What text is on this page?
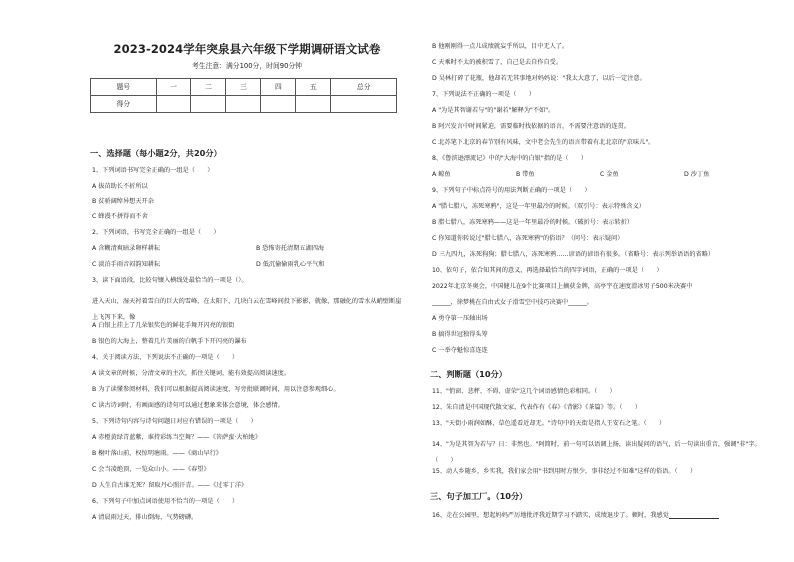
2023-2024学年突泉县六年级下学期调研语文试卷
考生注意：满分100分，时间90分钟
题号	一	二	三	四	五	总分
得分						
一、选择题（每小题2分，共20分）
1、下列词语书写完全正确的一组是（　　）
A 拔苗助长不折所以
B 贫骄阔绰异想天开杂
C 蜂漫不拼得而不舍
2、下列词语，书写完全正确的一组是（　　）
A 含糊清爽暗录卵样耕耘	B 恐怖寄托清期五湖四海
C 淡泊手雨音闷韵知耕耘	D 低沉偷偷雨乳心平气和
3、读下面语段，比较句镶入横线处最恰当的一项是（）。
进入天山，湿天衬着雪白的巨大的雪峰，在太阳下，几块白云在雪峰间投下影影，就像，那融化的雪水从峭壁断崖上飞泻下来，像
A 白银上挂上了几朵银奖色的鲜花手舞开闪亮的银街
B 银色的大海上，整着几片美丽的白帆手下开闪亮的瀑布
4、关于阅读方法，下列说法不正确的一项是（　　）
A 读文章的时候，分清文章的主次，抓住关键词，能有效提高阅读速度。
B 为了读懂参阅材料，我们可以根据提高阅读速度，写旁批联调时间，用以注意参观细心。
C 读古诗词时，有画面感的诗句可以通过想象来体会意境，体会感情。
5、下列诗句内容与诗句问题日对应有错误的一项是（　　）
A 赤橙黄绿青蓝紫，谁持彩练当空舞？——《菩萨蛮·大柏地》
B 榭叶落山前，权惊明塘雨。——《商山早行》
C 会当凌绝顶，一览众山小。——《春望》
D 人生自古谁无死？留取丹心照汗青。——《过零丁洋》
6、下列句子中加点词语使用不恰当的一项是（　　）
A 清晨雨过天，排山倒海，气势磅礴。
B 他刚刚得一点儿成绩就妄乎所以，目中无人了。
C 天乘时不太的被积雪了，自己是去自作自受。
D 吴林打碎了花瓶，他却若无其事地对妈妈说："我太大意了，以后一定注意。
7、下列说法不正确的一项是（　　）
A "为是其智谢若与"的"谢若"解释为"不如"。
B 阿兴发言中时间紧迫，需要临时找依据的语言，不需要注意语的连贯。
C 北苏笔下北京的春节别有风味，文中老会先生的语言带着有北北京的"京味儿"。
8、《鲁滨逊漂流记》中的"大海中的白银"指的是（　　）
A 鲸鱼	B 带鱼	C 金鱼	D 沙丁鱼
9、下列句子中标点符号的用法判断正确的一项是（　　）
A "腊七腊八，冻死寒鸦"，这是一年里最冷的时候。（双引号：表示特殊含义）
B 腊七腊八，冻死寒鸦——这是一年里最冷的时候。（破折号：表示转折）
C 你知道你转说过"腊七腊八，冻死寒鸦"的俗语？（问号：表示疑问）
D 三九四九，冻死狗狗；腊七腊八，冻死寒鸦……谚语的谚语有很多。（省略号：表示列举语语的省略）
10、依句子，依合知其间的意义，再选择最恰当的四字词语，正确的一项是（　　）
2022年北京冬奥会，中国健儿在9个比赛项目上摘获金牌，高亭宇在速度滑冰男子500米决赛中
______，徐梦桃在自由式女子滑雪空中技巧决赛中______。
A 勇夺第一压轴出场
B 搞得世冠独得头筹
C 一举夺魁惊喜连连
二、判断题（10分）
11、"悄窗、悲秤、不碍、虚荣"这几个词语感情色彩相同。（　　）
12、朱自清是中国现代散文家，代表作有《春》《背影》《茶篇》等。（　　）
13、"天街小雨润如酥，草色遥看近却无。"诗句中的天街是指人王安石之笔。（　　）
14、"为是其智为若与？日：非然也。"阿简时，前一句可以语调上扬，读出疑问的语气，后一句读出重音，强调"非"字。（　　）
15、动人乡随乡，乡实我，我们家会用"书到用时方恨少，事非经过不知难"这样的俗语。（　　）
三、句子加工厂。（10分）
16、走在公园里，想起妈妈严厉地批评我近期学习不踏实，成绩退步了。顿时，我感觉
